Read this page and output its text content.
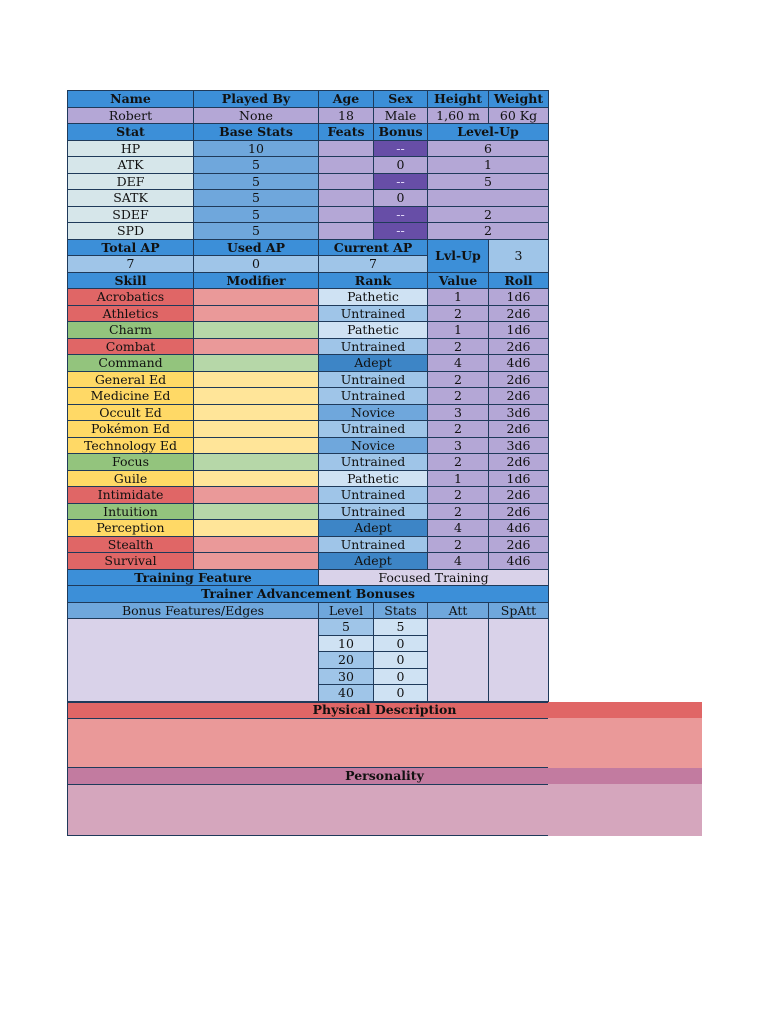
Name	Played By	Age	Sex	Height	Weight
Robert	None	18	Male	1,60 m	60 Kg
Stat	Base Stats	Feats	Bonus	Level-Up	
HP	10		--	6	
ATK	5		0	1	
DEF	5		--	5	
SATK	5		0		
SDEF	5		--	2	
SPD	5		--	2	
Total AP	Used AP	Current AP		Lvl-Up	3
7	0	7			
Skill	Modifier	Rank		Value	Roll
Acrobatics		Pathetic		1	1d6
Athletics		Untrained		2	2d6
Charm		Pathetic		1	1d6
Combat		Untrained		2	2d6
Command		Adept		4	4d6
General Ed		Untrained		2	2d6
Medicine Ed		Untrained		2	2d6
Occult Ed		Novice		3	3d6
Pokémon Ed		Untrained		2	2d6
Technology Ed		Novice		3	3d6
Focus		Untrained		2	2d6
Guile		Pathetic		1	1d6
Intimidate		Untrained		2	2d6
Intuition		Untrained		2	2d6
Perception		Adept		4	4d6
Stealth		Untrained		2	2d6
Survival		Adept		4	4d6
Training Feature		Focused Training			
Trainer Advancement Bonuses					
Bonus Features/Edges		Level	Stats	Att	SpAtt
		5	5		
		10	0		
		20	0		
		30	0		
		40	0		
Physical Description
Personality
